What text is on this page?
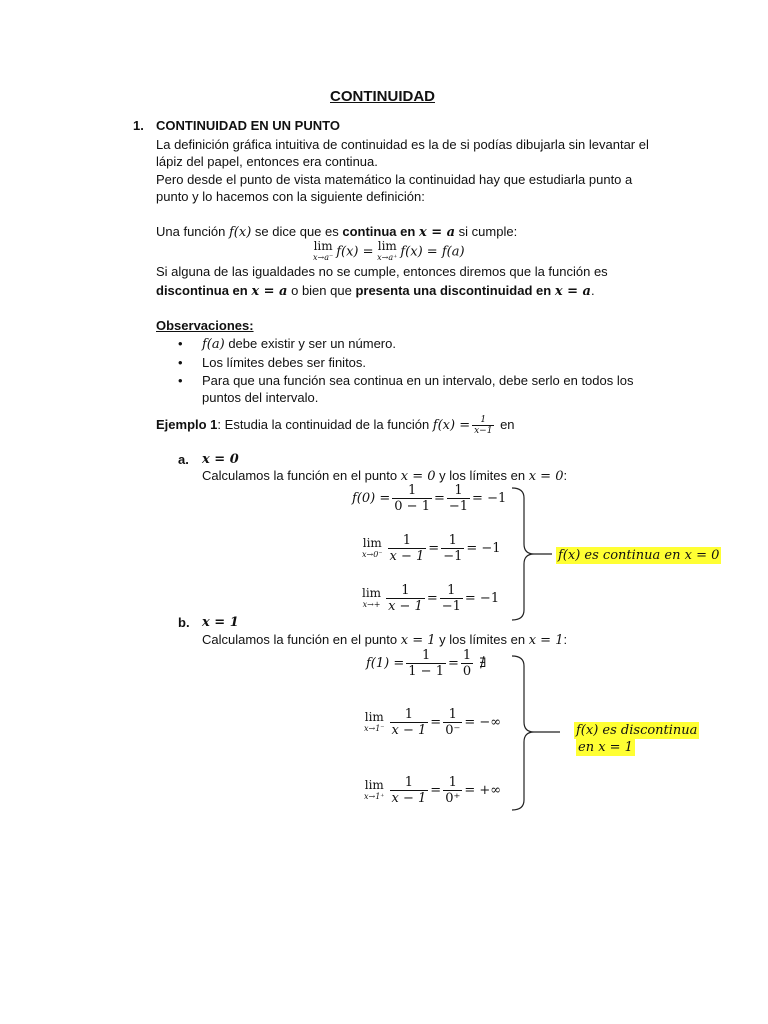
CONTINUIDAD
1. CONTINUIDAD EN UN PUNTO
La definición gráfica intuitiva de continuidad es la de si podías dibujarla sin levantar el
lápiz del papel, entonces era continua.
Pero desde el punto de vista matemático la continuidad hay que estudiarla punto a
punto y lo hacemos con la siguiente definición:
Una función f(x) se dice que es continua en x = a si cumple:
lim
x→a⁻ f(x) = lim
x→a⁺ f(x) = f(a)
Si alguna de las igualdades no se cumple, entonces diremos que la función es
discontinua en x = a o bien que presenta una discontinuidad en x = a.
Observaciones:
• f(a) debe existir y ser un número.
• Los límites debes ser finitos.
• Para que una función sea continua en un intervalo, debe serlo en todos los
puntos del intervalo.
Ejemplo 1: Estudia la continuidad de la función $f(x) = \frac{1}{x-1}$ en
a. x = 0
Calculamos la función en el punto x = 0 y los límites en x = 0:
$f(0) = \frac{1}{0 - 1} = \frac{1}{-1} = -1$
lim
$x\to 0^- \frac{1}{x - 1} = \frac{1}{-1} = -1$
lim
$x\to+ \frac{1}{x - 1} = \frac{1}{-1} = -1$
f(x) es continua en x = 0
b. x = 1
Calculamos la función en el punto x = 1 y los límites en x = 1:
$f(1) = \frac{1}{1 - 1} = \frac{1}{0}$ ∄
lim
$x\to 1^- \frac{1}{x - 1} = \frac{1}{0^-}$ = −∞
lim
$x\to 1^+ \frac{1}{x - 1} = \frac{1}{0^+}$ = +∞
f(x) es discontinua
en x = 1
